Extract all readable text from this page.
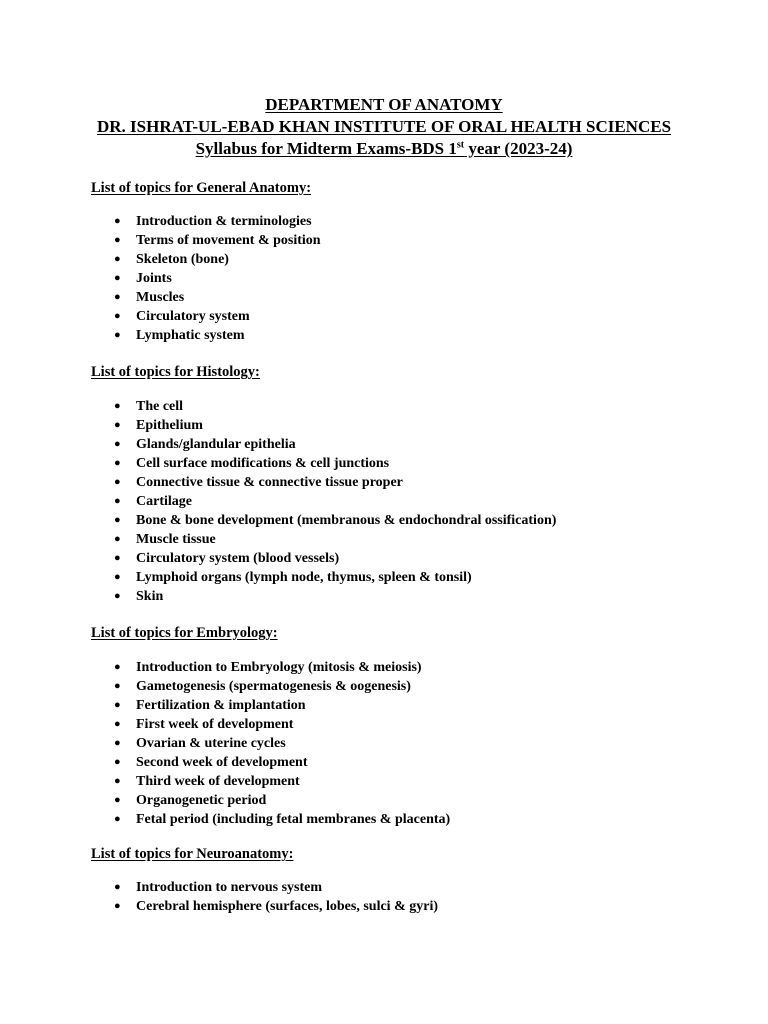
DEPARTMENT OF ANATOMY
DR. ISHRAT-UL-EBAD KHAN INSTITUTE OF ORAL HEALTH SCIENCES
Syllabus for Midterm Exams-BDS 1st year (2023-24)
List of topics for General Anatomy:
● Introduction & terminologies
● Terms of movement & position
● Skeleton (bone)
● Joints
● Muscles
● Circulatory system
● Lymphatic system
List of topics for Histology:
● The cell
● Epithelium
● Glands/glandular epithelia
● Cell surface modifications & cell junctions
● Connective tissue & connective tissue proper
● Cartilage
● Bone & bone development (membranous & endochondral ossification)
● Muscle tissue
● Circulatory system (blood vessels)
● Lymphoid organs (lymph node, thymus, spleen & tonsil)
● Skin
List of topics for Embryology:
● Introduction to Embryology (mitosis & meiosis)
● Gametogenesis (spermatogenesis & oogenesis)
● Fertilization & implantation
● First week of development
● Ovarian & uterine cycles
● Second week of development
● Third week of development
● Organogenetic period
● Fetal period (including fetal membranes & placenta)
List of topics for Neuroanatomy:
● Introduction to nervous system
● Cerebral hemisphere (surfaces, lobes, sulci & gyri)
